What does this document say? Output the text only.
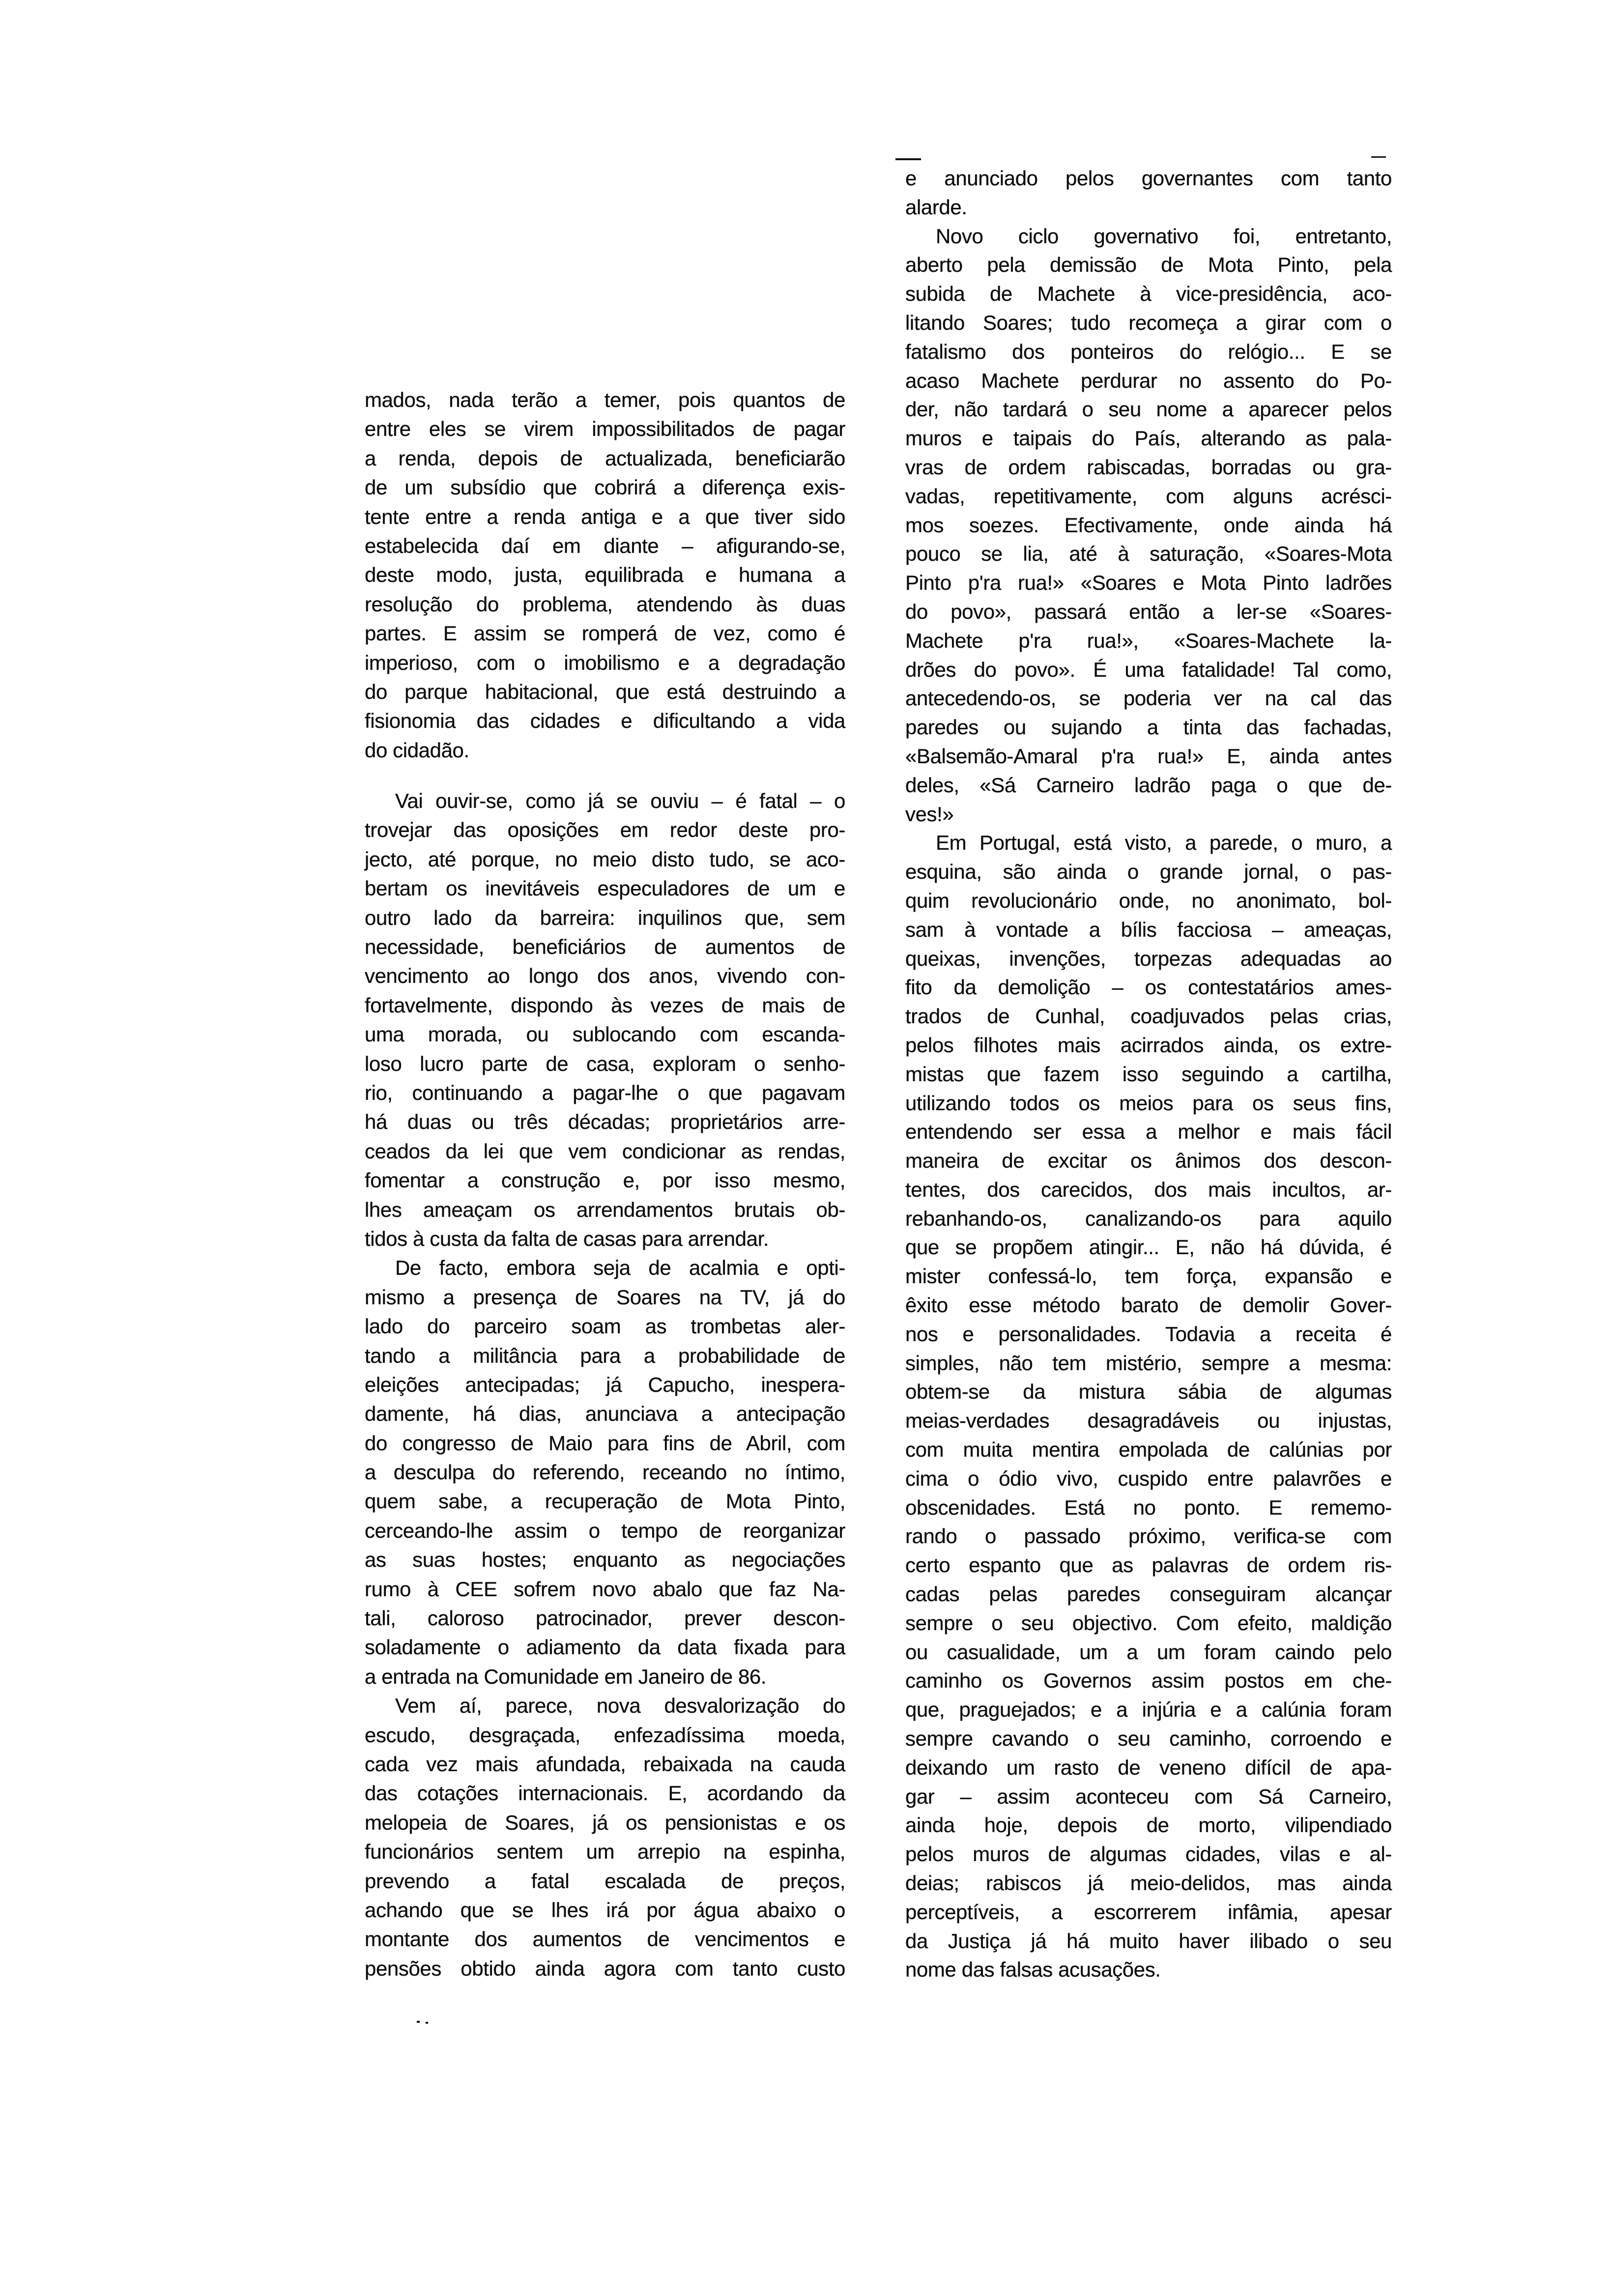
mados, nada terão a temer, pois quantos de
entre eles se virem impossibilitados de pagar
a renda, depois de actualizada, beneficiarão
de um subsídio que cobrirá a diferença exis-
tente entre a renda antiga e a que tiver sido
estabelecida daí em diante – afigurando-se,
deste modo, justa, equilibrada e humana a
resolução do problema, atendendo às duas
partes. E assim se romperá de vez, como é
imperioso, com o imobilismo e a degradação
do parque habitacional, que está destruindo a
fisionomia das cidades e dificultando a vida
do cidadão.
Vai ouvir-se, como já se ouviu – é fatal – o
trovejar das oposições em redor deste pro-
jecto, até porque, no meio disto tudo, se aco-
bertam os inevitáveis especuladores de um e
outro lado da barreira: inquilinos que, sem
necessidade, beneficiários de aumentos de
vencimento ao longo dos anos, vivendo con-
fortavelmente, dispondo às vezes de mais de
uma morada, ou sublocando com escanda-
loso lucro parte de casa, exploram o senho-
rio, continuando a pagar-lhe o que pagavam
há duas ou três décadas; proprietários arre-
ceados da lei que vem condicionar as rendas,
fomentar a construção e, por isso mesmo,
lhes ameaçam os arrendamentos brutais ob-
tidos à custa da falta de casas para arrendar.
De facto, embora seja de acalmia e opti-
mismo a presença de Soares na TV, já do
lado do parceiro soam as trombetas aler-
tando a militância para a probabilidade de
eleições antecipadas; já Capucho, inespera-
damente, há dias, anunciava a antecipação
do congresso de Maio para fins de Abril, com
a desculpa do referendo, receando no íntimo,
quem sabe, a recuperação de Mota Pinto,
cerceando-lhe assim o tempo de reorganizar
as suas hostes; enquanto as negociações
rumo à CEE sofrem novo abalo que faz Na-
tali, caloroso patrocinador, prever descon-
soladamente o adiamento da data fixada para
a entrada na Comunidade em Janeiro de 86.
Vem aí, parece, nova desvalorização do
escudo, desgraçada, enfezadíssima moeda,
cada vez mais afundada, rebaixada na cauda
das cotações internacionais. E, acordando da
melopeia de Soares, já os pensionistas e os
funcionários sentem um arrepio na espinha,
prevendo a fatal escalada de preços,
achando que se lhes irá por água abaixo o
montante dos aumentos de vencimentos e
pensões obtido ainda agora com tanto custo
e anunciado pelos governantes com tanto
alarde.
Novo ciclo governativo foi, entretanto,
aberto pela demissão de Mota Pinto, pela
subida de Machete à vice-presidência, aco-
litando Soares; tudo recomeça a girar com o
fatalismo dos ponteiros do relógio... E se
acaso Machete perdurar no assento do Po-
der, não tardará o seu nome a aparecer pelos
muros e taipais do País, alterando as pala-
vras de ordem rabiscadas, borradas ou gra-
vadas, repetitivamente, com alguns acrésci-
mos soezes. Efectivamente, onde ainda há
pouco se lia, até à saturação, «Soares-Mota
Pinto p'ra rua!» «Soares e Mota Pinto ladrões
do povo», passará então a ler-se «Soares-
Machete p'ra rua!», «Soares-Machete la-
drões do povo». É uma fatalidade! Tal como,
antecedendo-os, se poderia ver na cal das
paredes ou sujando a tinta das fachadas,
«Balsemão-Amaral p'ra rua!» E, ainda antes
deles, «Sá Carneiro ladrão paga o que de-
ves!»
Em Portugal, está visto, a parede, o muro, a
esquina, são ainda o grande jornal, o pas-
quim revolucionário onde, no anonimato, bol-
sam à vontade a bílis facciosa – ameaças,
queixas, invenções, torpezas adequadas ao
fito da demolição – os contestatários ames-
trados de Cunhal, coadjuvados pelas crias,
pelos filhotes mais acirrados ainda, os extre-
mistas que fazem isso seguindo a cartilha,
utilizando todos os meios para os seus fins,
entendendo ser essa a melhor e mais fácil
maneira de excitar os ânimos dos descon-
tentes, dos carecidos, dos mais incultos, ar-
rebanhando-os, canalizando-os para aquilo
que se propõem atingir... E, não há dúvida, é
mister confessá-lo, tem força, expansão e
êxito esse método barato de demolir Gover-
nos e personalidades. Todavia a receita é
simples, não tem mistério, sempre a mesma:
obtem-se da mistura sábia de algumas
meias-verdades desagradáveis ou injustas,
com muita mentira empolada de calúnias por
cima o ódio vivo, cuspido entre palavrões e
obscenidades. Está no ponto. E rememo-
rando o passado próximo, verifica-se com
certo espanto que as palavras de ordem ris-
cadas pelas paredes conseguiram alcançar
sempre o seu objectivo. Com efeito, maldição
ou casualidade, um a um foram caindo pelo
caminho os Governos assim postos em che-
que, praguejados; e a injúria e a calúnia foram
sempre cavando o seu caminho, corroendo e
deixando um rasto de veneno difícil de apa-
gar – assim aconteceu com Sá Carneiro,
ainda hoje, depois de morto, vilipendiado
pelos muros de algumas cidades, vilas e al-
deias; rabiscos já meio-delidos, mas ainda
perceptíveis, a escorrerem infâmia, apesar
da Justiça já há muito haver ilibado o seu
nome das falsas acusações.
